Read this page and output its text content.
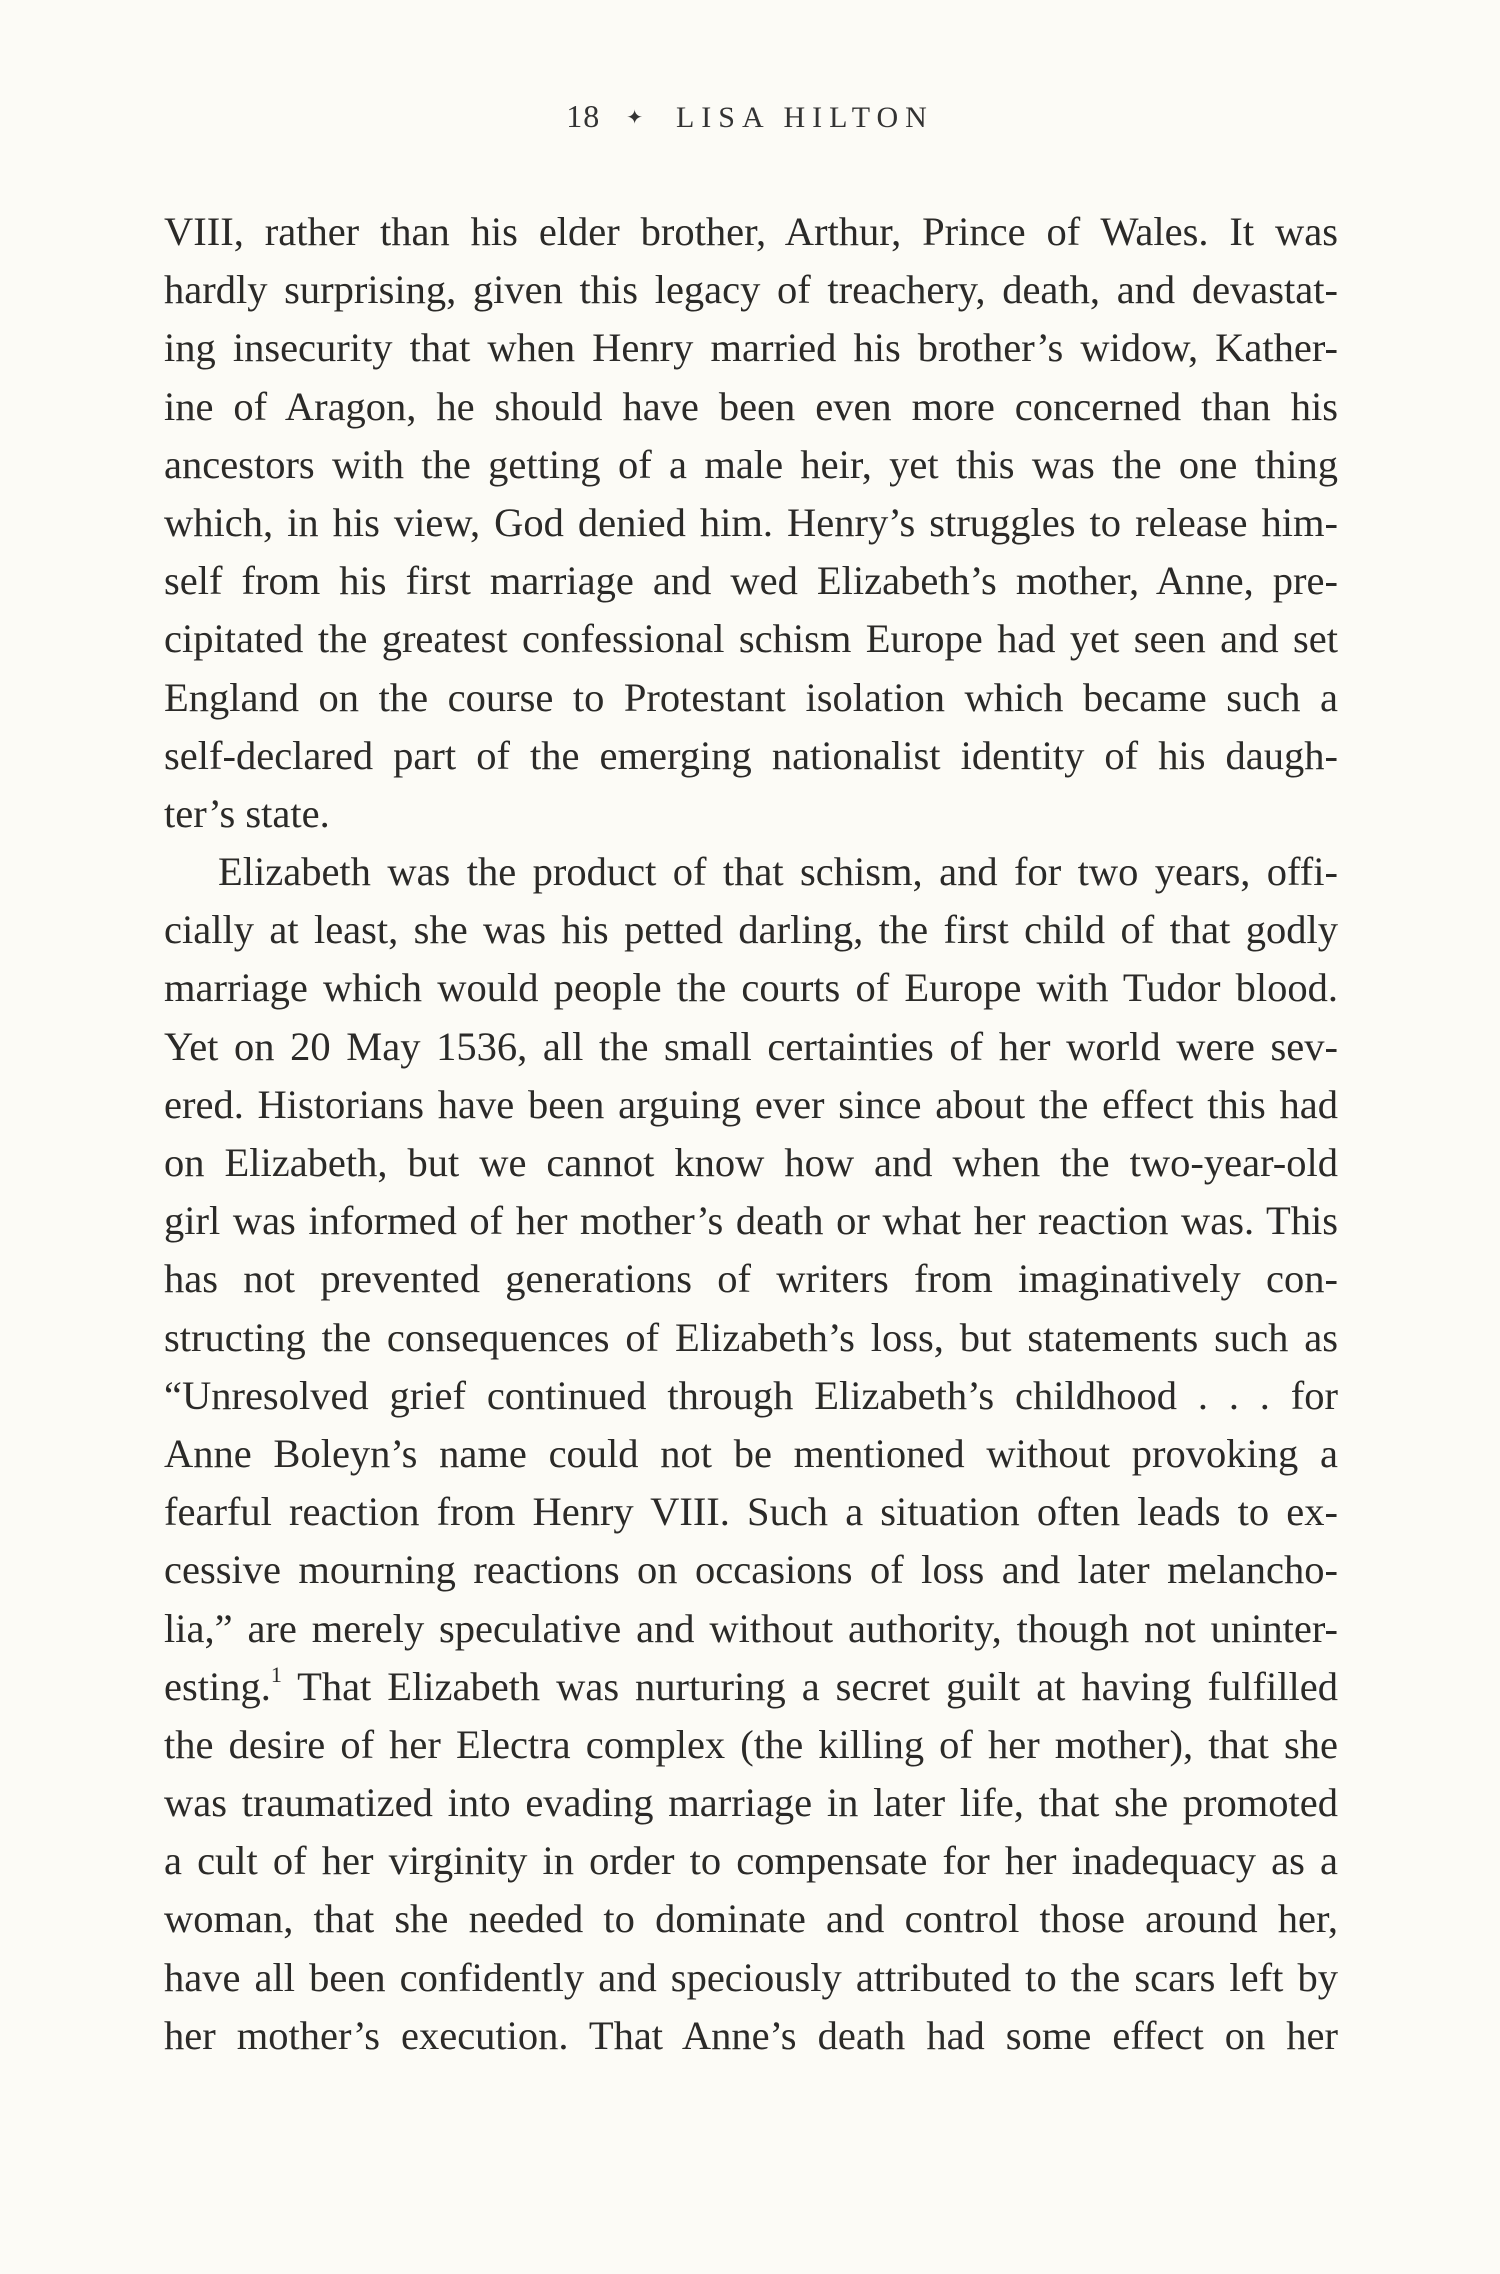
18 ✦ LISA HILTON
VIII, rather than his elder brother, Arthur, Prince of Wales. It was
hardly surprising, given this legacy of treachery, death, and devastat-
ing insecurity that when Henry married his brother’s widow, Kather-
ine of Aragon, he should have been even more concerned than his
ancestors with the getting of a male heir, yet this was the one thing
which, in his view, God denied him. Henry’s struggles to release him-
self from his first marriage and wed Elizabeth’s mother, Anne, pre-
cipitated the greatest confessional schism Europe had yet seen and set
England on the course to Protestant isolation which became such a
self-declared part of the emerging nationalist identity of his daugh-
ter’s state.
Elizabeth was the product of that schism, and for two years, offi-
cially at least, she was his petted darling, the first child of that godly
marriage which would people the courts of Europe with Tudor blood.
Yet on 20 May 1536, all the small certainties of her world were sev-
ered. Historians have been arguing ever since about the effect this had
on Elizabeth, but we cannot know how and when the two-year-old
girl was informed of her mother’s death or what her reaction was. This
has not prevented generations of writers from imaginatively con-
structing the consequences of Elizabeth’s loss, but statements such as
“Unresolved grief continued through Elizabeth’s childhood . . . for
Anne Boleyn’s name could not be mentioned without provoking a
fearful reaction from Henry VIII. Such a situation often leads to ex-
cessive mourning reactions on occasions of loss and later melancho-
lia,” are merely speculative and without authority, though not uninter-
esting.$^1$ That Elizabeth was nurturing a secret guilt at having fulfilled
the desire of her Electra complex (the killing of her mother), that she
was traumatized into evading marriage in later life, that she promoted
a cult of her virginity in order to compensate for her inadequacy as a
woman, that she needed to dominate and control those around her,
have all been confidently and speciously attributed to the scars left by
her mother’s execution. That Anne’s death had some effect on her
